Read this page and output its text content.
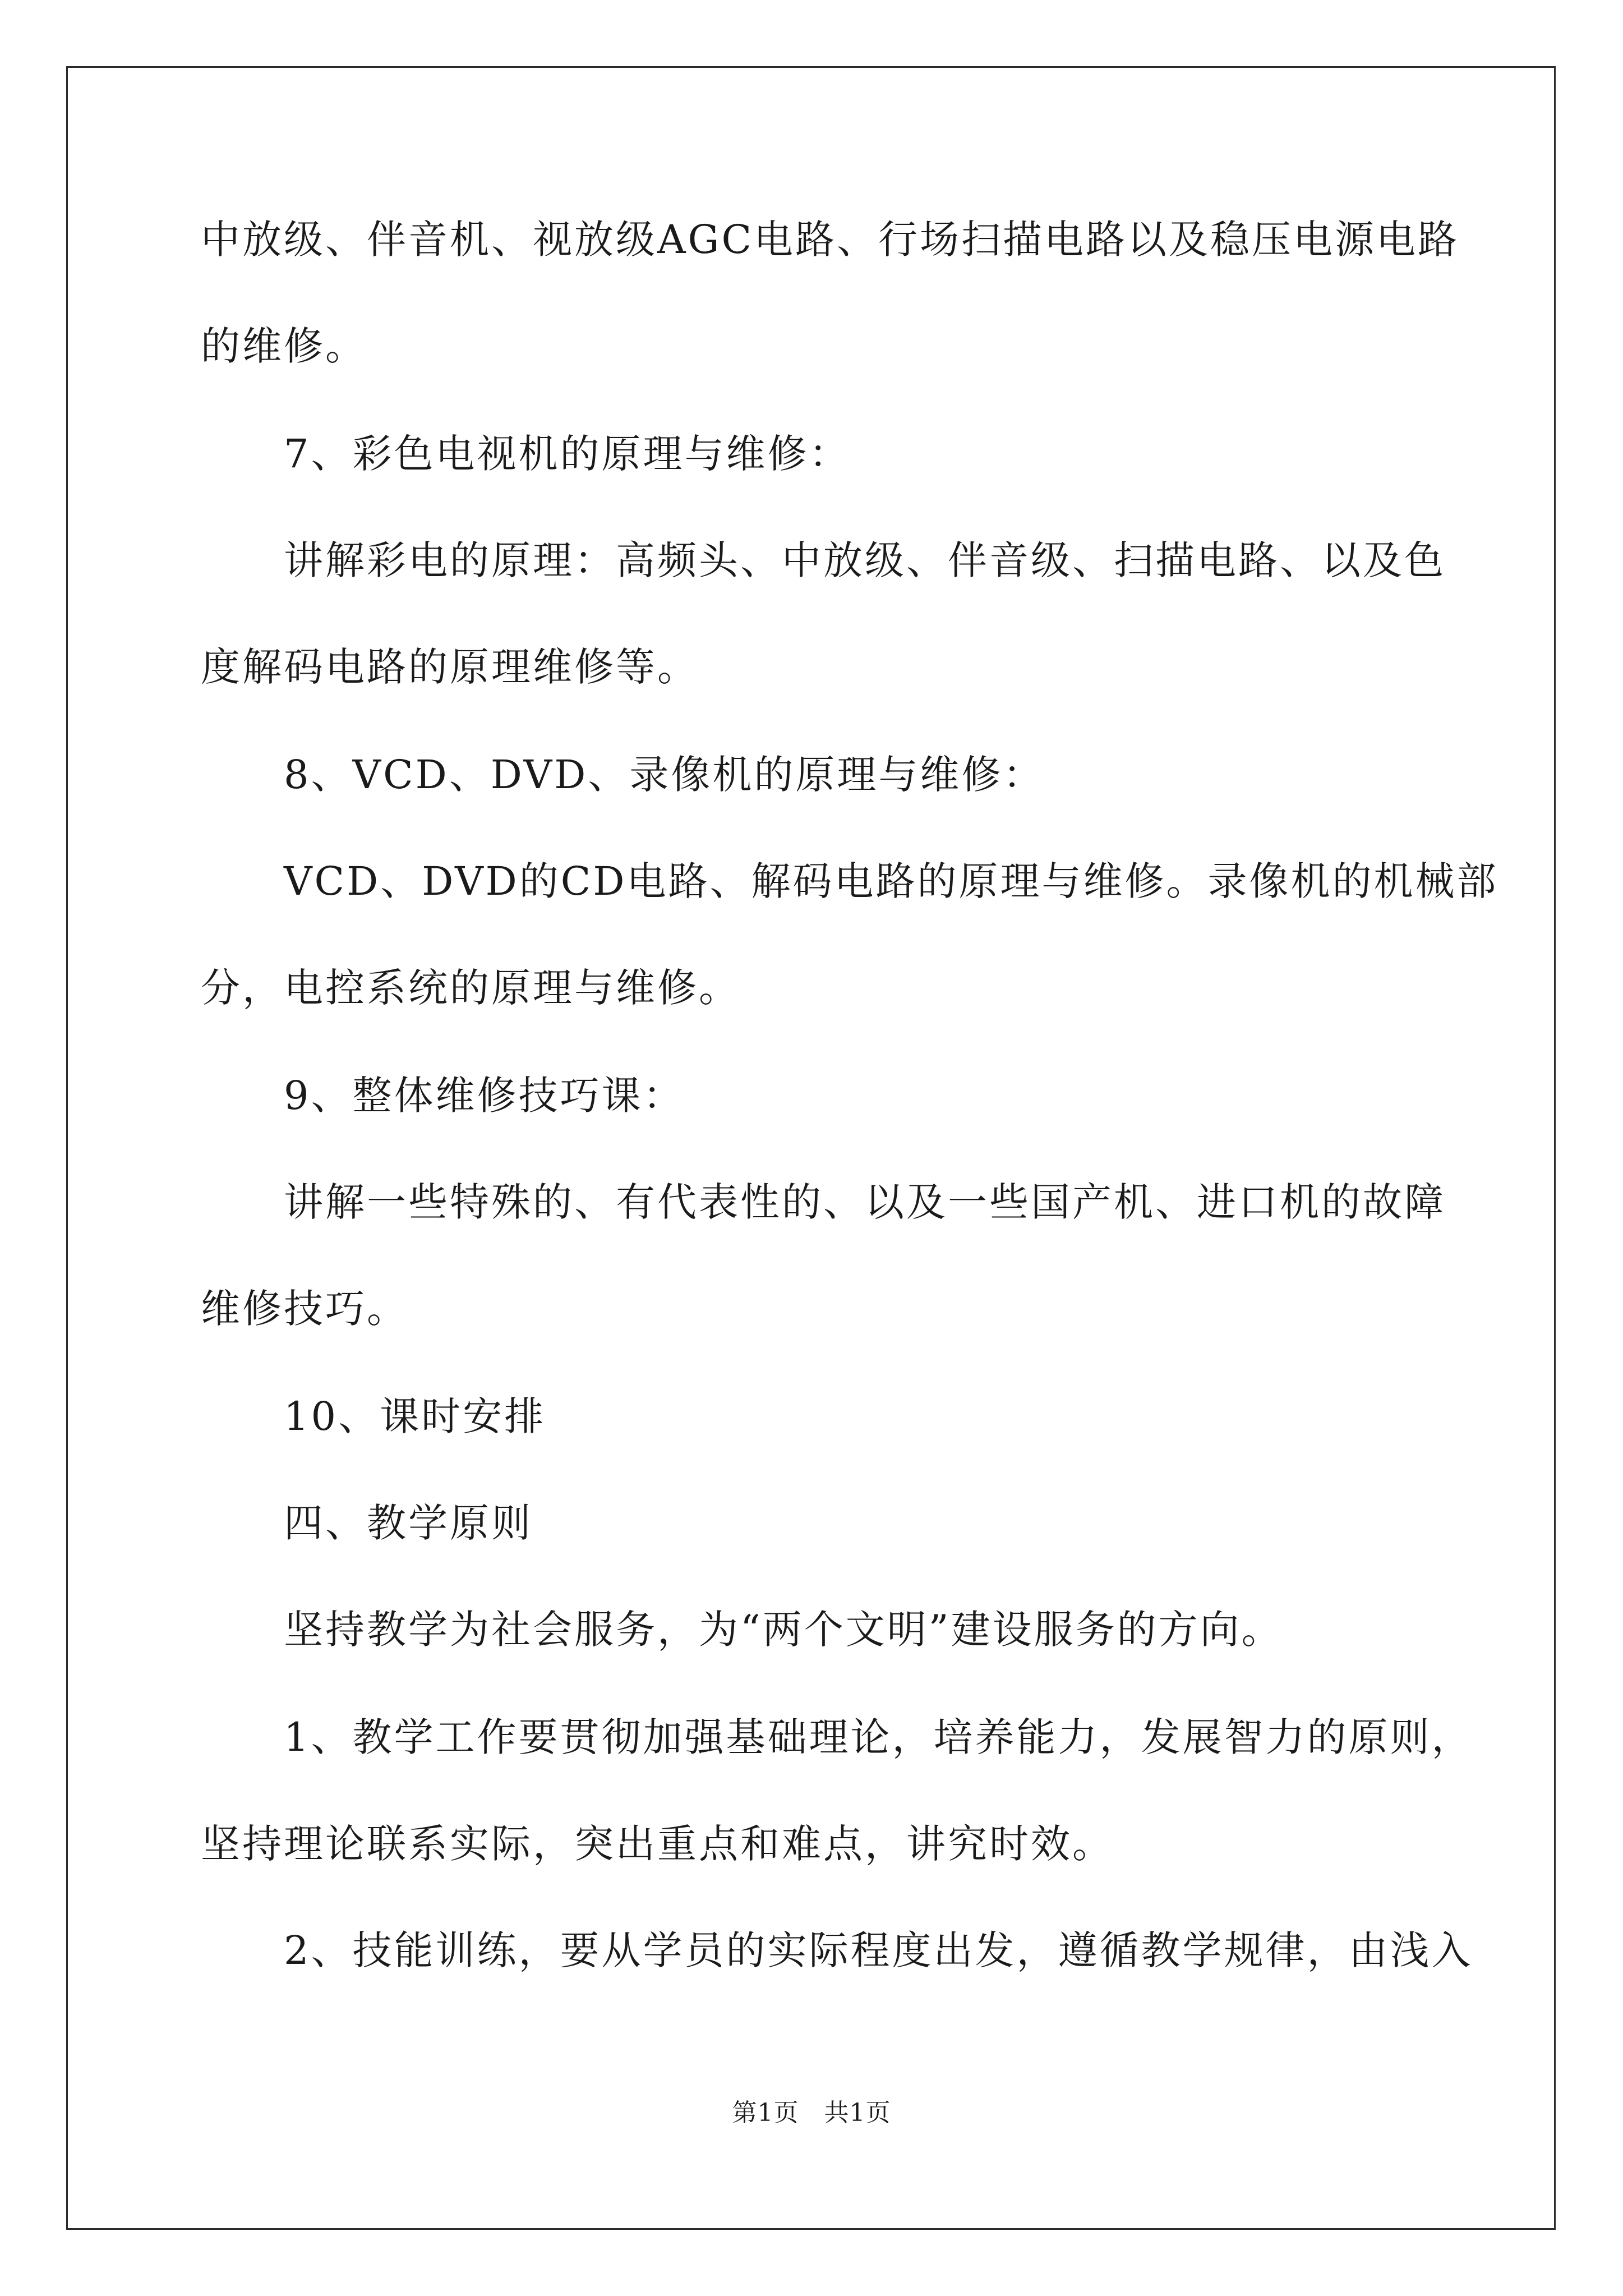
中放级、伴音机、视放级AGC电路、行场扫描电路以及稳压电源电路
的维修。
7、彩色电视机的原理与维修：
讲解彩电的原理：高频头、中放级、伴音级、扫描电路、以及色
度解码电路的原理维修等。
8、VCD、DVD、录像机的原理与维修：
VCD、DVD的CD电路、解码电路的原理与维修。录像机的机械部
分，电控系统的原理与维修。
9、整体维修技巧课：
讲解一些特殊的、有代表性的、以及一些国产机、进口机的故障
维修技巧。
10、课时安排
四、教学原则
坚持教学为社会服务，为“两个文明”建设服务的方向。
1、教学工作要贯彻加强基础理论，培养能力，发展智力的原则，
坚持理论联系实际，突出重点和难点，讲究时效。
2、技能训练，要从学员的实际程度出发，遵循教学规律，由浅入
第1页　共1页
